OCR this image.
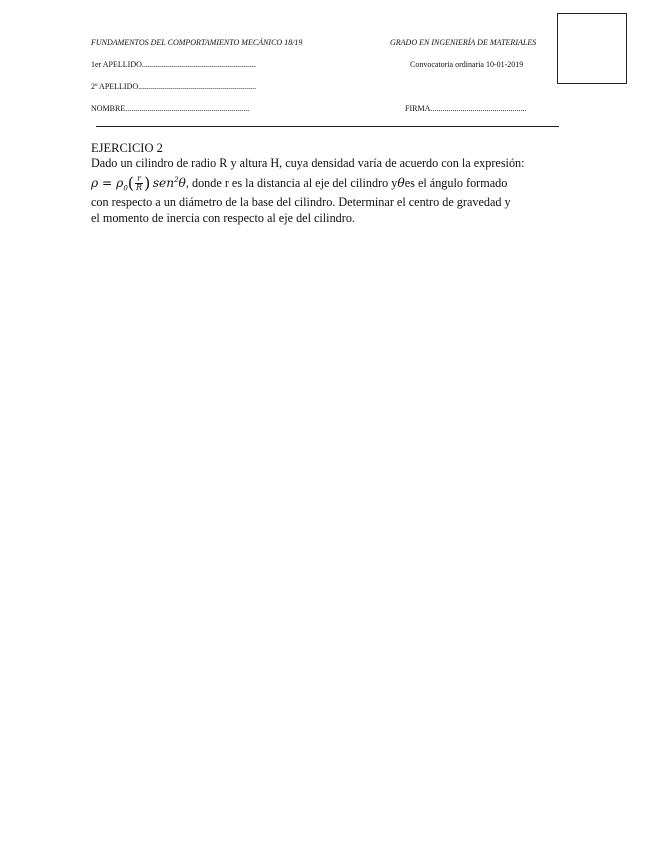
FUNDAMENTOS DEL COMPORTAMIENTO MECÁNICO 18/19	GRADO EN INGENIERÍA DE MATERIALES
1er APELLIDO.........................................................	Convocatoria ordinaria 10-01-2019
2º APELLIDO...........................................................
NOMBRE..............................................................	FIRMA................................................
EJERCICIO 2
Dado un cilindro de radio R y altura H, cuya densidad varía de acuerdo con la expresión:
$\rho = \rho_0( \frac{r}{R}$ )  sen$^2$θ , donde r es la distancia al eje del cilindro y θ es el ángulo formado
con respecto a un diámetro de la base del cilindro. Determinar el centro de gravedad y
el momento de inercia con respecto al eje del cilindro.
